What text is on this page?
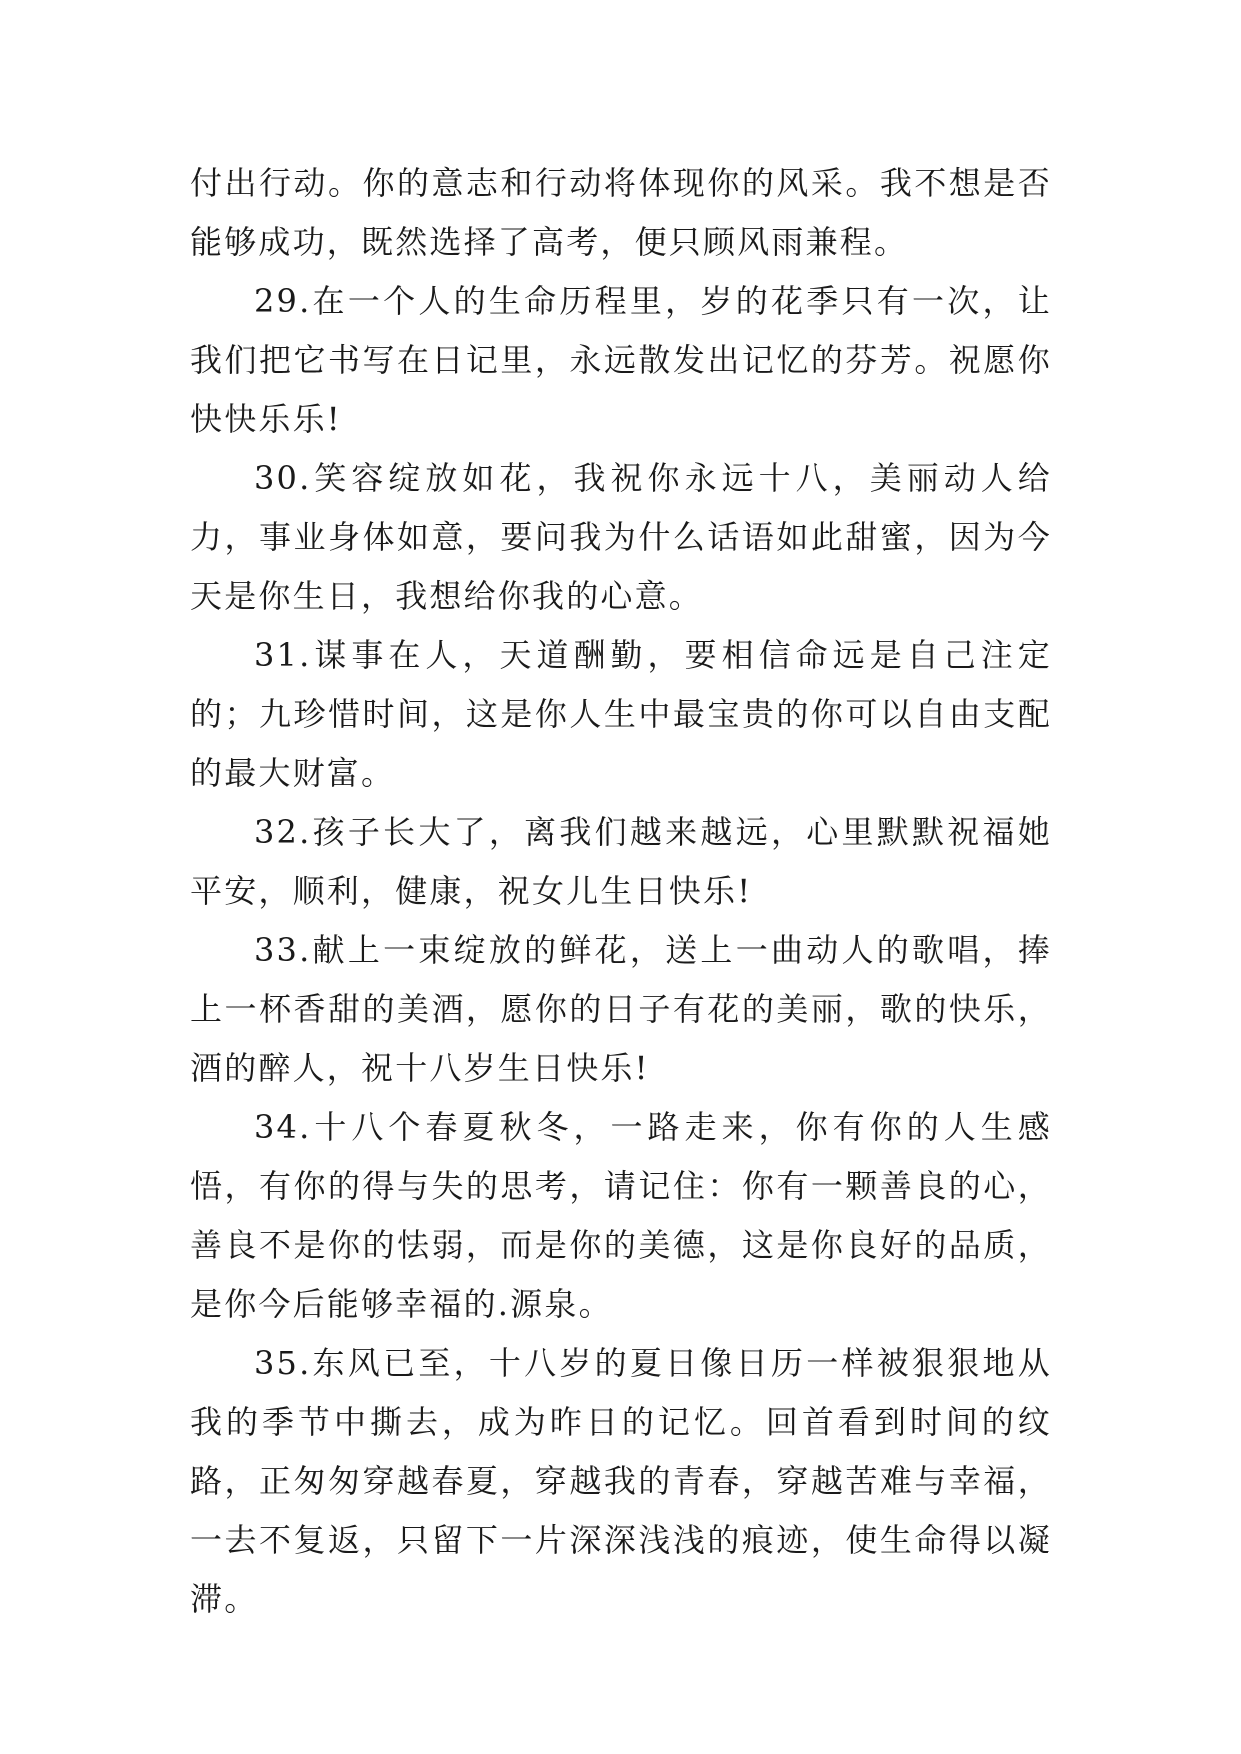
付出行动。你的意志和行动将体现你的风采。我不想是否能够成功，既然选择了高考，便只顾风雨兼程。

29.在一个人的生命历程里，岁的花季只有一次，让我们把它书写在日记里，永远散发出记忆的芬芳。祝愿你快快乐乐!

30.笑容绽放如花，我祝你永远十八，美丽动人给力，事业身体如意，要问我为什么话语如此甜蜜，因为今天是你生日，我想给你我的心意。

31.谋事在人，天道酬勤，要相信命远是自己注定的；九珍惜时间，这是你人生中最宝贵的你可以自由支配的最大财富。

32.孩子长大了，离我们越来越远，心里默默祝福她平安，顺利，健康，祝女儿生日快乐!

33.献上一束绽放的鲜花，送上一曲动人的歌唱，捧上一杯香甜的美酒，愿你的日子有花的美丽，歌的快乐，酒的醉人，祝十八岁生日快乐!

34.十八个春夏秋冬，一路走来，你有你的人生感悟，有你的得与失的思考，请记住：你有一颗善良的心，善良不是你的怯弱，而是你的美德，这是你良好的品质，是你今后能够幸福的.源泉。

35.东风已至，十八岁的夏日像日历一样被狠狠地从我的季节中撕去，成为昨日的记忆。回首看到时间的纹路，正匆匆穿越春夏，穿越我的青春，穿越苦难与幸福，一去不复返，只留下一片深深浅浅的痕迹，使生命得以凝滞。
